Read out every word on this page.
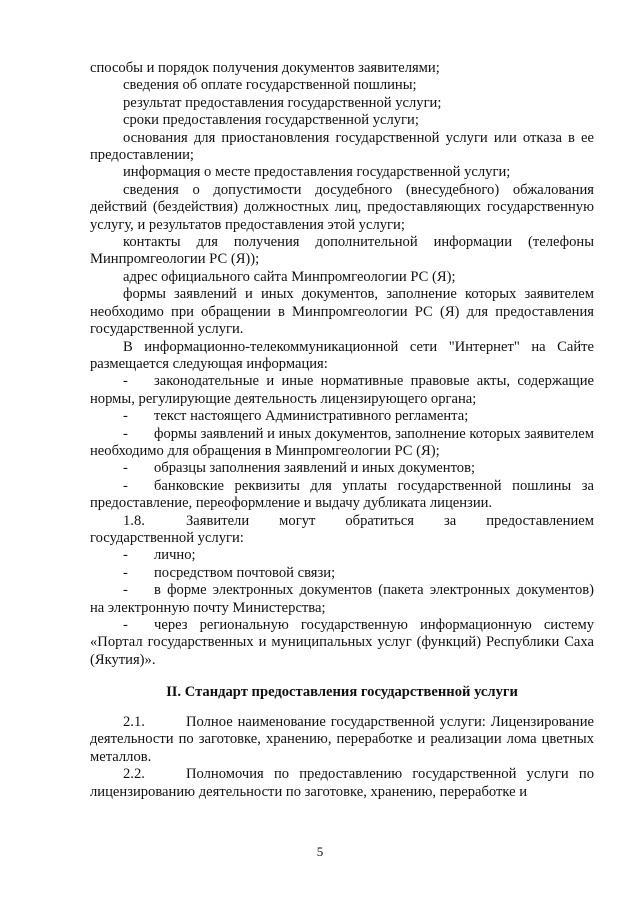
способы и порядок получения документов заявителями;

сведения об оплате государственной пошлины;

результат предоставления государственной услуги;

сроки предоставления государственной услуги;

основания для приостановления государственной услуги или отказа в ее предоставлении;

информация о месте предоставления государственной услуги;

сведения о допустимости досудебного (внесудебного) обжалования действий (бездействия) должностных лиц, предоставляющих государственную услугу, и результатов предоставления этой услуги;

контакты для получения дополнительной информации (телефоны Минпромгеологии РС (Я));

адрес официального сайта Минпромгеологии РС (Я);

формы заявлений и иных документов, заполнение которых заявителем необходимо при обращении в Минпромгеологии РС (Я) для предоставления государственной услуги.

В информационно-телекоммуникационной сети "Интернет" на Сайте размещается следующая информация:

- законодательные и иные нормативные правовые акты, содержащие нормы, регулирующие деятельность лицензирующего органа;

- текст настоящего Административного регламента;

- формы заявлений и иных документов, заполнение которых заявителем необходимо для обращения в Минпромгеологии РС (Я);

- образцы заполнения заявлений и иных документов;

- банковские реквизиты для уплаты государственной пошлины за предоставление, переоформление и выдачу дубликата лицензии.

1.8.	Заявители могут обратиться за предоставлением государственной услуги:

- лично;

- посредством почтовой связи;

- в форме электронных документов (пакета электронных документов) на электронную почту Министерства;

- через региональную государственную информационную систему «Портал государственных и муниципальных услуг (функций) Республики Саха (Якутия)».

II. Стандарт предоставления государственной услуги

2.1.	Полное наименование государственной услуги: Лицензирование деятельности по заготовке, хранению, переработке и реализации лома цветных металлов.

2.2.	Полномочия по предоставлению государственной услуги по лицензированию деятельности по заготовке, хранению, переработке и

5
